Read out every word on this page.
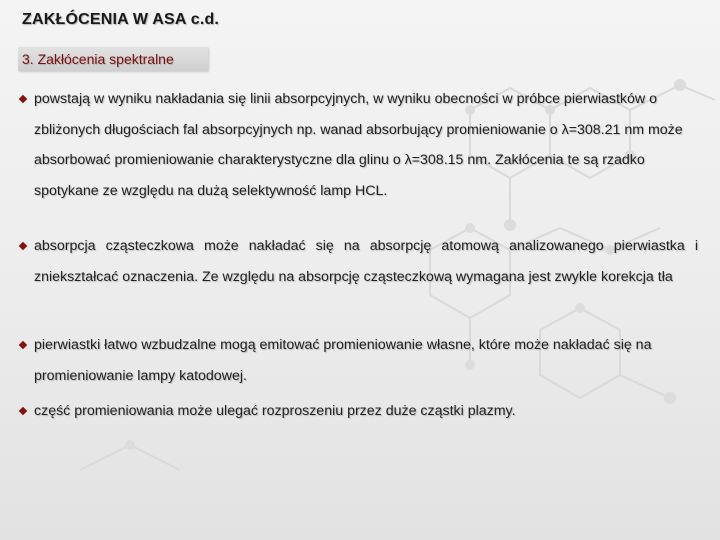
ZAKŁÓCENIA W ASA c.d.
3. Zakłócenia spektralne
powstają w wyniku nakładania się linii absorpcyjnych, w wyniku obecności w próbce pierwiastków o zbliżonych długościach fal absorpcyjnych np. wanad absorbujący promieniowanie o λ=308.21 nm może absorbować promieniowanie charakterystyczne dla glinu o λ=308.15 nm. Zakłócenia te są rzadko spotykane ze względu na dużą selektywność lamp HCL.
absorpcja cząsteczkowa może nakładać się na absorpcję atomową analizowanego pierwiastka i zniekształcać oznaczenia. Ze względu na absorpcję cząsteczkową wymagana jest zwykle korekcja tła
pierwiastki łatwo wzbudzalne mogą emitować promieniowanie własne, które może nakładać się na promieniowanie lampy katodowej.
część promieniowania może ulegać rozproszeniu przez duże cząstki plazmy.
